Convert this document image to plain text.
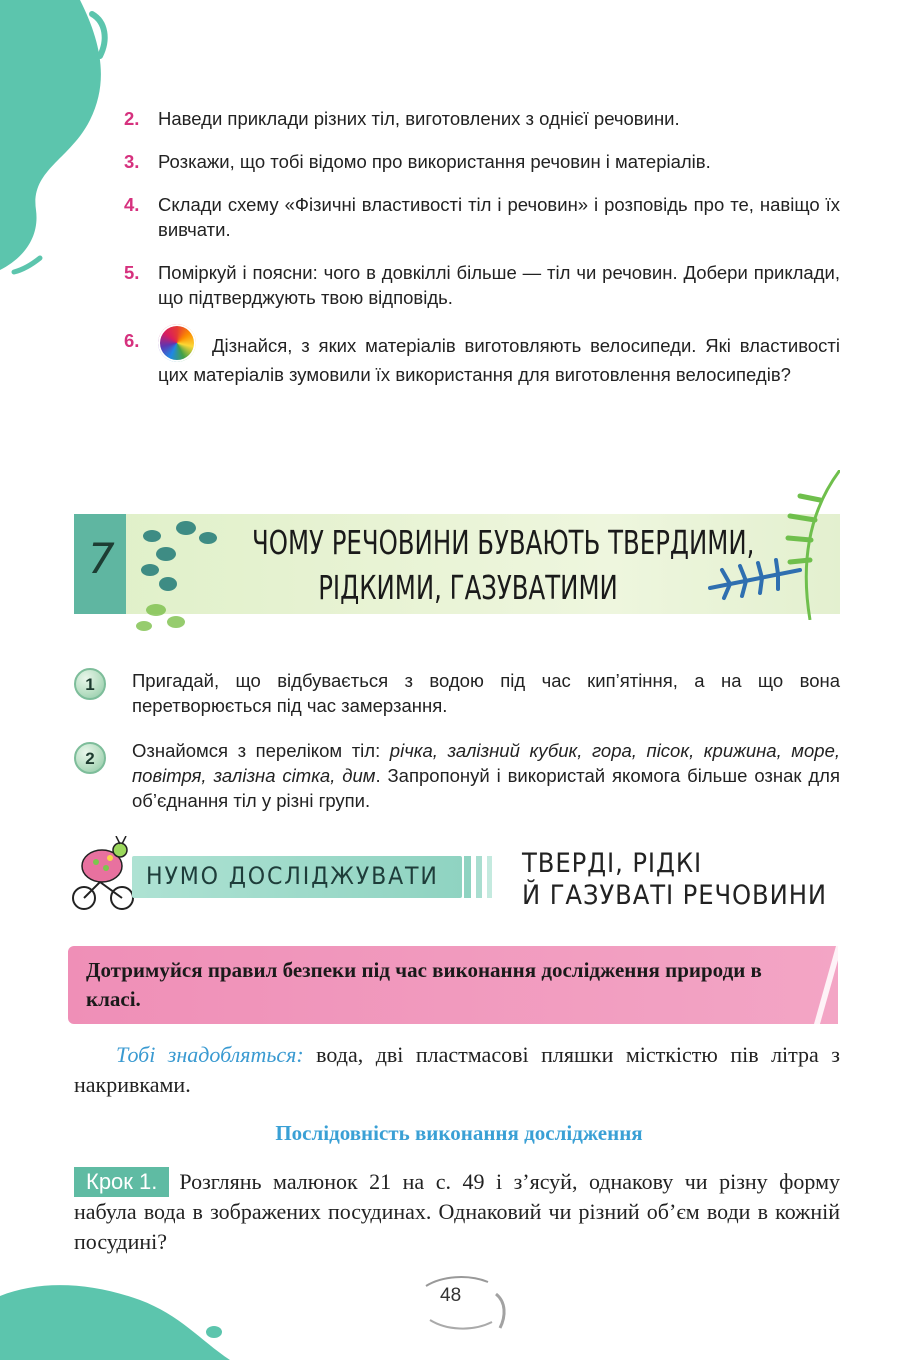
2.	Наведи приклади різних тіл, виготовлених з однієї речовини.
3.	Розкажи, що тобі відомо про використання речовин і матеріалів.
4.	Склади схему «Фізичні властивості тіл і речовин» і розповідь про те, навіщо їх вивчати.
5.	Поміркуй і поясни: чого в довкіллі більше — тіл чи речовин. Добери приклади, що підтверджують твою відповідь.
6.	Дізнайся, з яких матеріалів виготовляють велосипеди. Які властивості цих матеріалів зумовили їх використання для виготовлення велосипедів?
7	ЧОМУ РЕЧОВИНИ БУВАЮТЬ ТВЕРДИМИ,
РІДКИМИ, ГАЗУВАТИМИ
1	Пригадай, що відбувається з водою під час кип’ятіння, а на що вона перетворюється під час замерзання.
2	Ознайомся з переліком тіл: річка, залізний кубик, гора, пісок, крижина, море, повітря, залізна сітка, дим. Запропонуй і використай якомога більше ознак для об’єднання тіл у різні групи.
НУМО ДОСЛІДЖУВАТИ	ТВЕРДІ, РІДКІ
Й ГАЗУВАТІ РЕЧОВИНИ
Дотримуйся правил безпеки під час виконання дослідження природи в класі.
Тобі знадобляться: вода, дві пластмасові пляшки місткістю пів літра з накривками.
Послідовність виконання дослідження
Крок 1. Розглянь малюнок 21 на с. 49 і з’ясуй, однакову чи різну форму набула вода в зображених посудинах. Однаковий чи різний об’єм води в кожній посудині?
48
